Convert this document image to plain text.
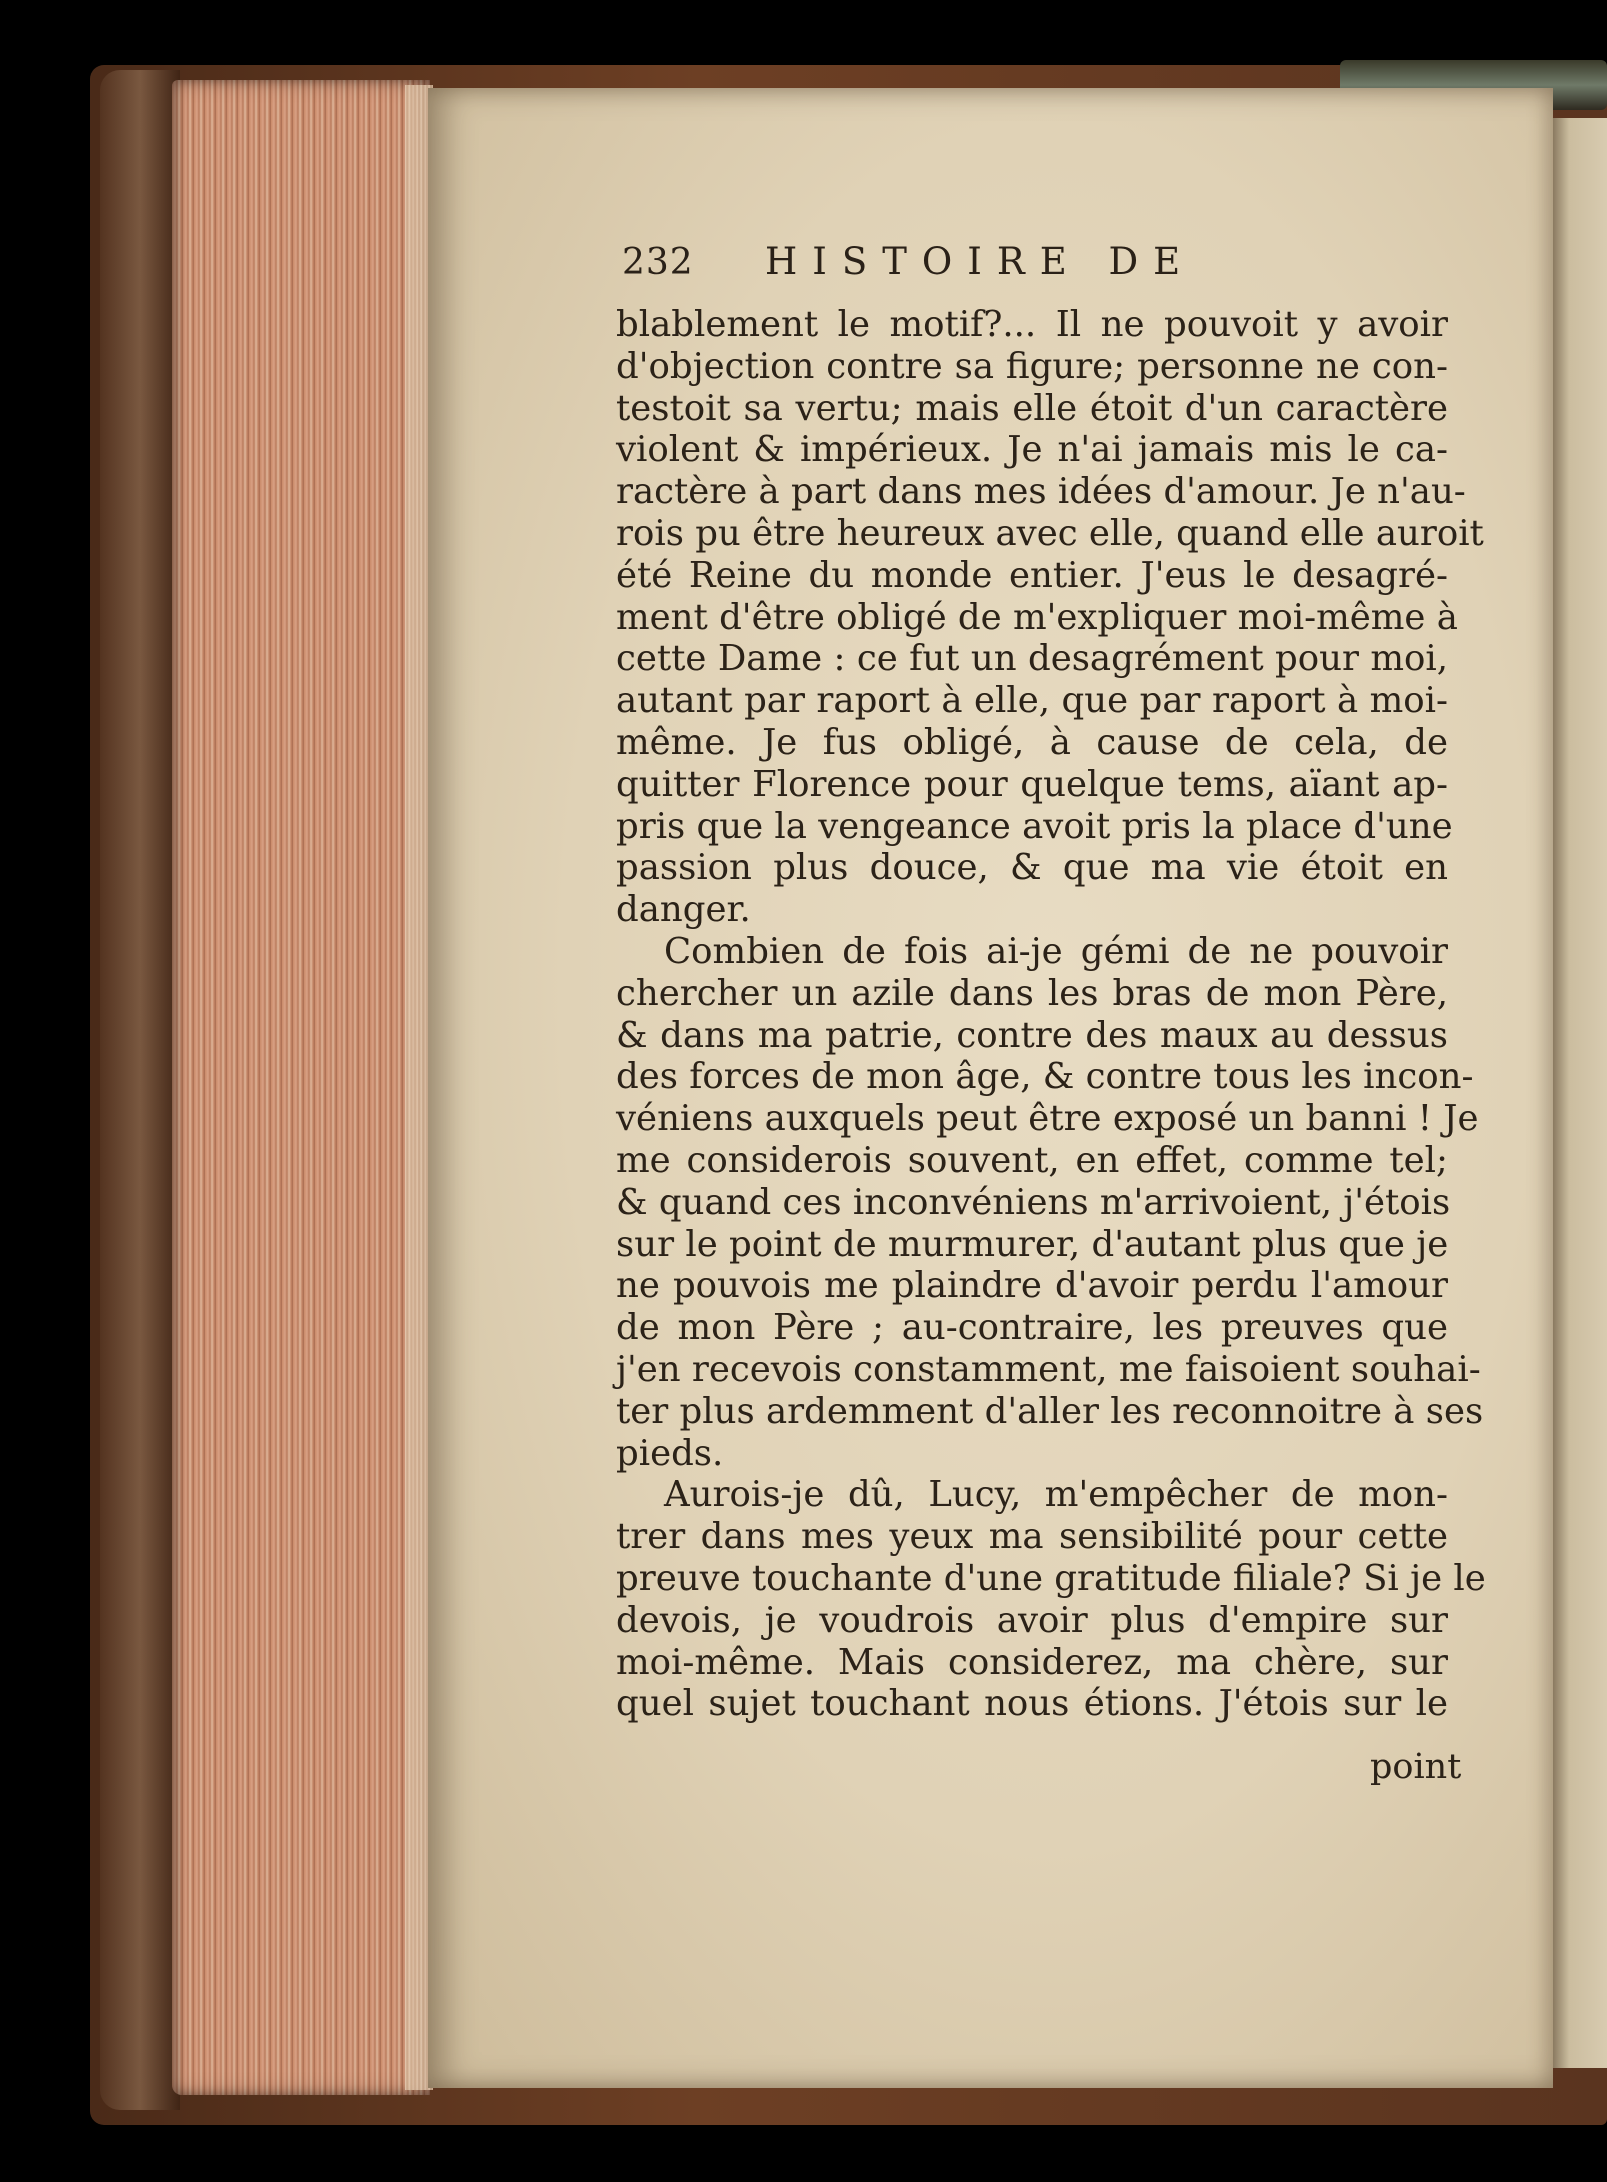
232 HISTOIRE DE
blablement le motif?... Il ne pouvoit y avoir
d'objection contre sa figure; personne ne con-
testoit sa vertu; mais elle étoit d'un caractère
violent & impérieux. Je n'ai jamais mis le ca-
ractère à part dans mes idées d'amour. Je n'au-
rois pu être heureux avec elle, quand elle auroit
été Reine du monde entier. J'eus le desagré-
ment d'être obligé de m'expliquer moi-même à
cette Dame : ce fut un desagrément pour moi,
autant par raport à elle, que par raport à moi-
même. Je fus obligé, à cause de cela, de
quitter Florence pour quelque tems, aïant ap-
pris que la vengeance avoit pris la place d'une
passion plus douce, & que ma vie étoit en
danger.
Combien de fois ai-je gémi de ne pouvoir
chercher un azile dans les bras de mon Père,
& dans ma patrie, contre des maux au dessus
des forces de mon âge, & contre tous les incon-
véniens auxquels peut être exposé un banni ! Je
me considerois souvent, en effet, comme tel;
& quand ces inconvéniens m'arrivoient, j'étois
sur le point de murmurer, d'autant plus que je
ne pouvois me plaindre d'avoir perdu l'amour
de mon Père ; au-contraire, les preuves que
j'en recevois constamment, me faisoient souhai-
ter plus ardemment d'aller les reconnoitre à ses
pieds.
Aurois-je dû, Lucy, m'empêcher de mon-
trer dans mes yeux ma sensibilité pour cette
preuve touchante d'une gratitude filiale? Si je le
devois, je voudrois avoir plus d'empire sur
moi-même. Mais considerez, ma chère, sur
quel sujet touchant nous étions. J'étois sur le
point
